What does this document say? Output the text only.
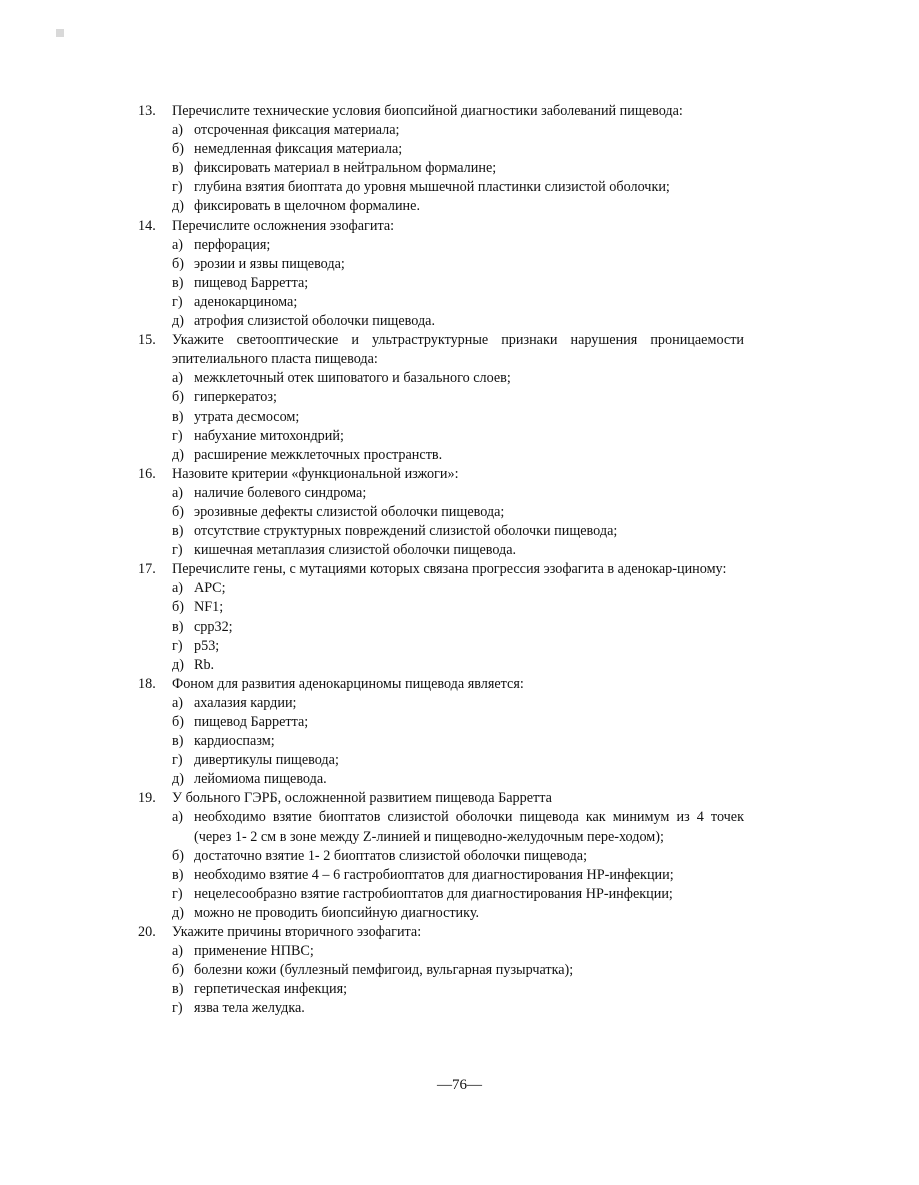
13.	Перечислите технические условия биопсийной диагностики заболеваний пищевода:
а) отсроченная фиксация материала;
б) немедленная фиксация материала;
в) фиксировать материал в нейтральном формалине;
г) глубина взятия биоптата до уровня мышечной пластинки слизистой оболочки;
д) фиксировать в щелочном формалине.
14.	Перечислите осложнения эзофагита:
а) перфорация;
б) эрозии и язвы пищевода;
в) пищевод Барретта;
г) аденокарцинома;
д) атрофия слизистой оболочки пищевода.
15.	Укажите светооптические и ультраструктурные признаки нарушения проницаемости эпителиального пласта пищевода:
а) межклеточный отек шиповатого и базального слоев;
б) гиперкератоз;
в) утрата десмосом;
г) набухание митохондрий;
д) расширение межклеточных пространств.
16.	Назовите критерии «функциональной изжоги»:
а) наличие болевого синдрома;
б) эрозивные дефекты слизистой оболочки пищевода;
в) отсутствие структурных повреждений слизистой оболочки пищевода;
г) кишечная метаплазия слизистой оболочки пищевода.
17.	Перечислите гены, с мутациями которых связана прогрессия эзофагита в аденокар-циному:
а) APC;
б) NF1;
в) cpp32;
г) p53;
д) Rb.
18.	Фоном для развития аденокарциномы пищевода является:
а) ахалазия кардии;
б) пищевод Барретта;
в) кардиоспазм;
г) дивертикулы пищевода;
д) лейомиома пищевода.
19.	У больного ГЭРБ, осложненной развитием пищевода Барретта
а) необходимо взятие биоптатов слизистой оболочки пищевода как минимум из 4 точек (через 1- 2 см в зоне между Z-линией и пищеводно-желудочным пере-ходом);
б) достаточно взятие 1- 2 биоптатов слизистой оболочки пищевода;
в) необходимо взятие 4 – 6 гастробиоптатов для диагностирования HP-инфекции;
г) нецелесообразно взятие гастробиоптатов для диагностирования HP-инфекции;
д) можно не проводить биопсийную диагностику.
20.	Укажите причины вторичного эзофагита:
а) применение НПВС;
б) болезни кожи (буллезный пемфигоид, вульгарная пузырчатка);
в) герпетическая инфекция;
г) язва тела желудка.
—76—
